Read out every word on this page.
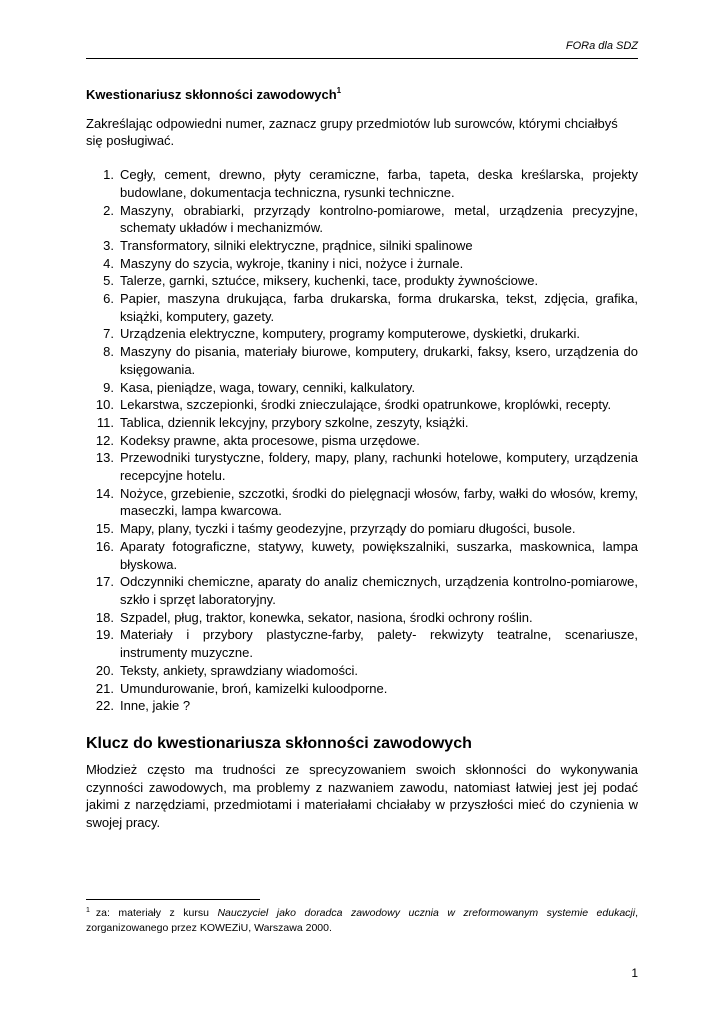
FORa dla SDZ
Kwestionariusz skłonności zawodowych$^1$

Zakreślając odpowiedni numer, zaznacz grupy przedmiotów lub surowców, którymi chciałbyś się posługiwać.

1. Cegły, cement, drewno, płyty ceramiczne, farba, tapeta, deska kreślarska, projekty budowlane, dokumentacja techniczna, rysunki techniczne.
2. Maszyny, obrabiarki, przyrządy kontrolno-pomiarowe, metal, urządzenia precyzyjne, schematy układów i mechanizmów.
3. Transformatory, silniki elektryczne, prądnice, silniki spalinowe
4. Maszyny do szycia, wykroje, tkaniny i nici, nożyce i żurnale.
5. Talerze, garnki, sztućce, miksery, kuchenki, tace, produkty żywnościowe.
6. Papier, maszyna drukująca, farba drukarska, forma drukarska, tekst, zdjęcia, grafika, książki, komputery, gazety.
7. Urządzenia elektryczne, komputery, programy komputerowe, dyskietki, drukarki.
8. Maszyny do pisania, materiały biurowe, komputery, drukarki, faksy, ksero, urządzenia do księgowania.
9. Kasa, pieniądze, waga, towary, cenniki, kalkulatory.
10. Lekarstwa, szczepionki, środki znieczulające, środki opatrunkowe, kroplówki, recepty.
11. Tablica, dziennik lekcyjny, przybory szkolne, zeszyty, książki.
12. Kodeksy prawne, akta procesowe, pisma urzędowe.
13. Przewodniki turystyczne, foldery, mapy, plany, rachunki hotelowe, komputery, urządzenia recepcyjne hotelu.
14. Nożyce, grzebienie, szczotki, środki do pielęgnacji włosów, farby, wałki do włosów, kremy, maseczki, lampa kwarcowa.
15. Mapy, plany, tyczki i taśmy geodezyjne, przyrządy do pomiaru długości, busole.
16. Aparaty fotograficzne, statywy, kuwety, powiększalniki, suszarka, maskownica, lampa błyskowa.
17. Odczynniki chemiczne, aparaty do analiz chemicznych, urządzenia kontrolno-pomiarowe, szkło i sprzęt laboratoryjny.
18. Szpadel, pług, traktor, konewka, sekator, nasiona, środki ochrony roślin.
19. Materiały i przybory plastyczne-farby, palety- rekwizyty teatralne, scenariusze, instrumenty muzyczne.
20. Teksty, ankiety, sprawdziany wiadomości.
21. Umundurowanie, broń, kamizelki kuloodporne.
22. Inne, jakie ?
Klucz do kwestionariusza skłonności zawodowych

Młodzież często ma trudności ze sprecyzowaniem swoich skłonności do wykonywania czynności zawodowych, ma problemy z nazwaniem zawodu, natomiast łatwiej jest jej podać jakimi z narzędziami, przedmiotami i materiałami chciałaby w przyszłości mieć do czynienia w swojej pracy.

$^1$ za: materiały z kursu Nauczyciel jako doradca zawodowy ucznia w zreformowanym systemie edukacji, zorganizowanego przez KOWEZiU, Warszawa 2000.
1
